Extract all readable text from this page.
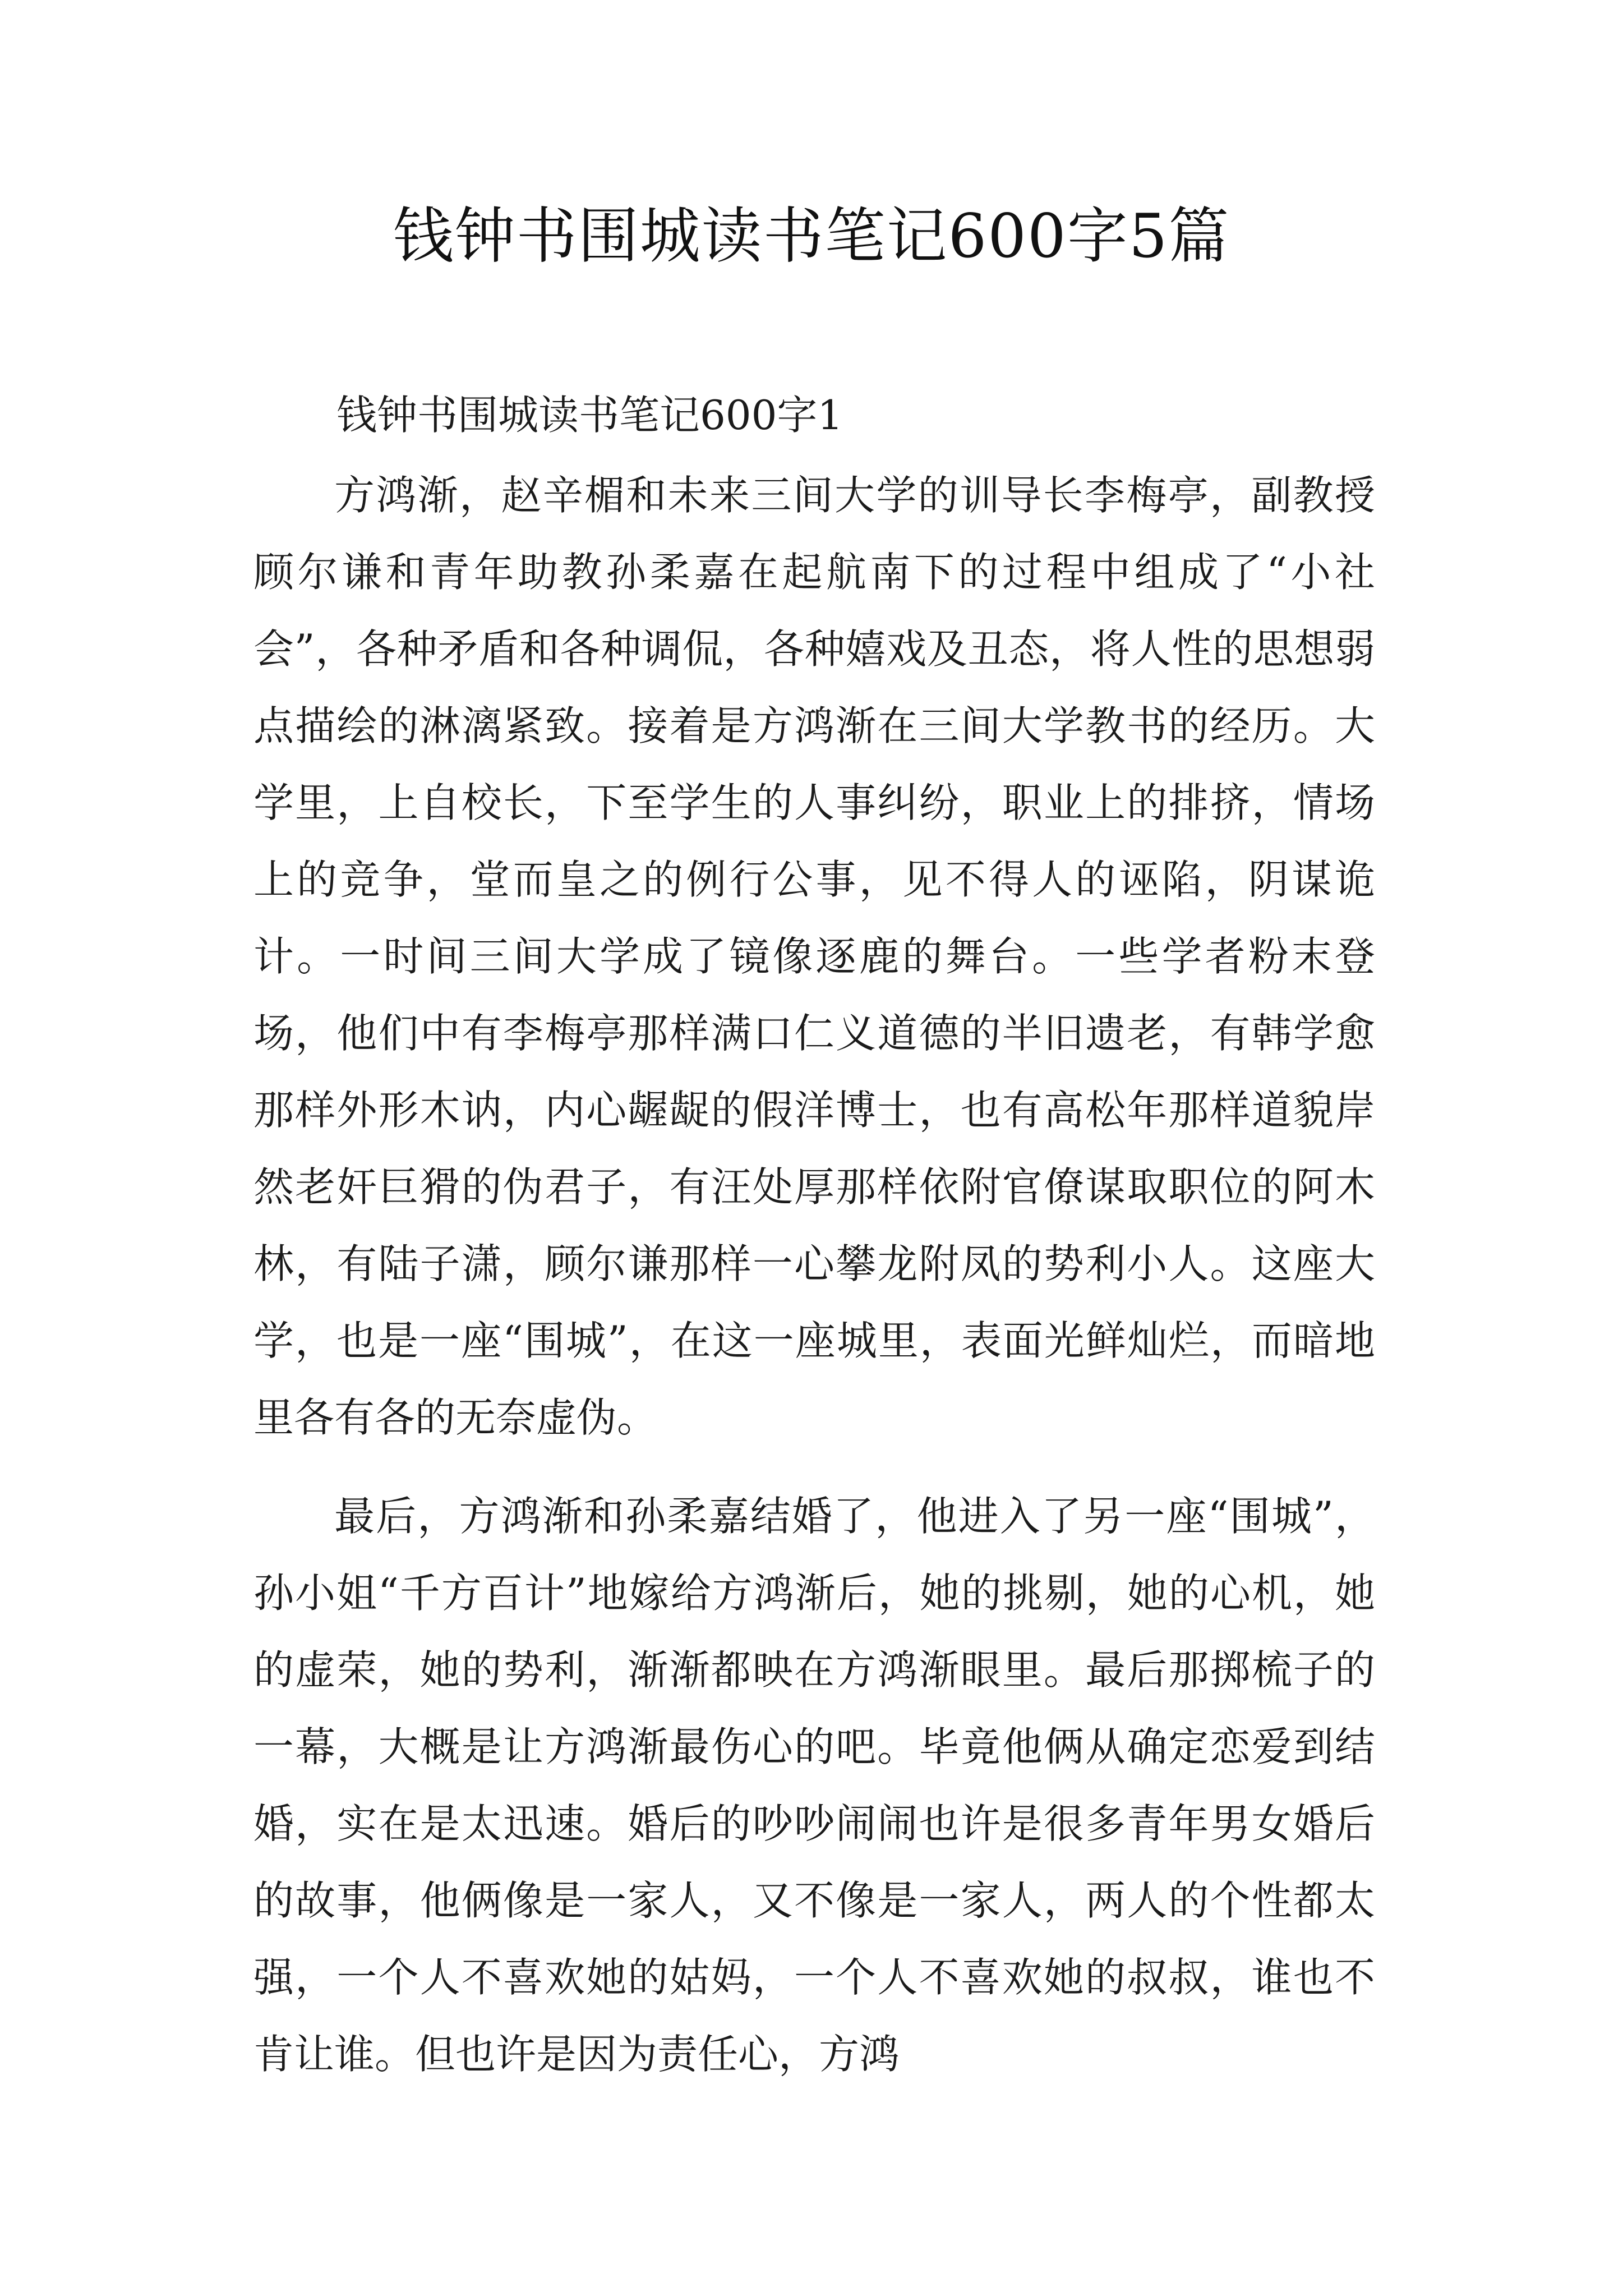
钱钟书围城读书笔记600字5篇
钱钟书围城读书笔记600字1

方鸿渐，赵辛楣和未来三间大学的训导长李梅亭，副教授顾尔谦和青年助教孙柔嘉在起航南下的过程中组成了“小社会”，各种矛盾和各种调侃，各种嬉戏及丑态，将人性的思想弱点描绘的淋漓紧致。接着是方鸿渐在三间大学教书的经历。大学里，上自校长，下至学生的人事纠纷，职业上的排挤，情场上的竞争，堂而皇之的例行公事，见不得人的诬陷，阴谋诡计。一时间三间大学成了镜像逐鹿的舞台。一些学者粉末登场，他们中有李梅亭那样满口仁义道德的半旧遗老，有韩学愈那样外形木讷，内心龌龊的假洋博士，也有高松年那样道貌岸然老奸巨猾的伪君子，有汪处厚那样依附官僚谋取职位的阿木林，有陆子潇，顾尔谦那样一心攀龙附凤的势利小人。这座大学，也是一座“围城”，在这一座城里，表面光鲜灿烂，而暗地里各有各的无奈虚伪。

最后，方鸿渐和孙柔嘉结婚了，他进入了另一座“围城”，孙小姐“千方百计”地嫁给方鸿渐后，她的挑剔，她的心机，她的虚荣，她的势利，渐渐都映在方鸿渐眼里。最后那掷梳子的一幕，大概是让方鸿渐最伤心的吧。毕竟他俩从确定恋爱到结婚，实在是太迅速。婚后的吵吵闹闹也许是很多青年男女婚后的故事，他俩像是一家人，又不像是一家人，两人的个性都太强，一个人不喜欢她的姑妈，一个人不喜欢她的叔叔，谁也不肯让谁。但也许是因为责任心，方鸿
